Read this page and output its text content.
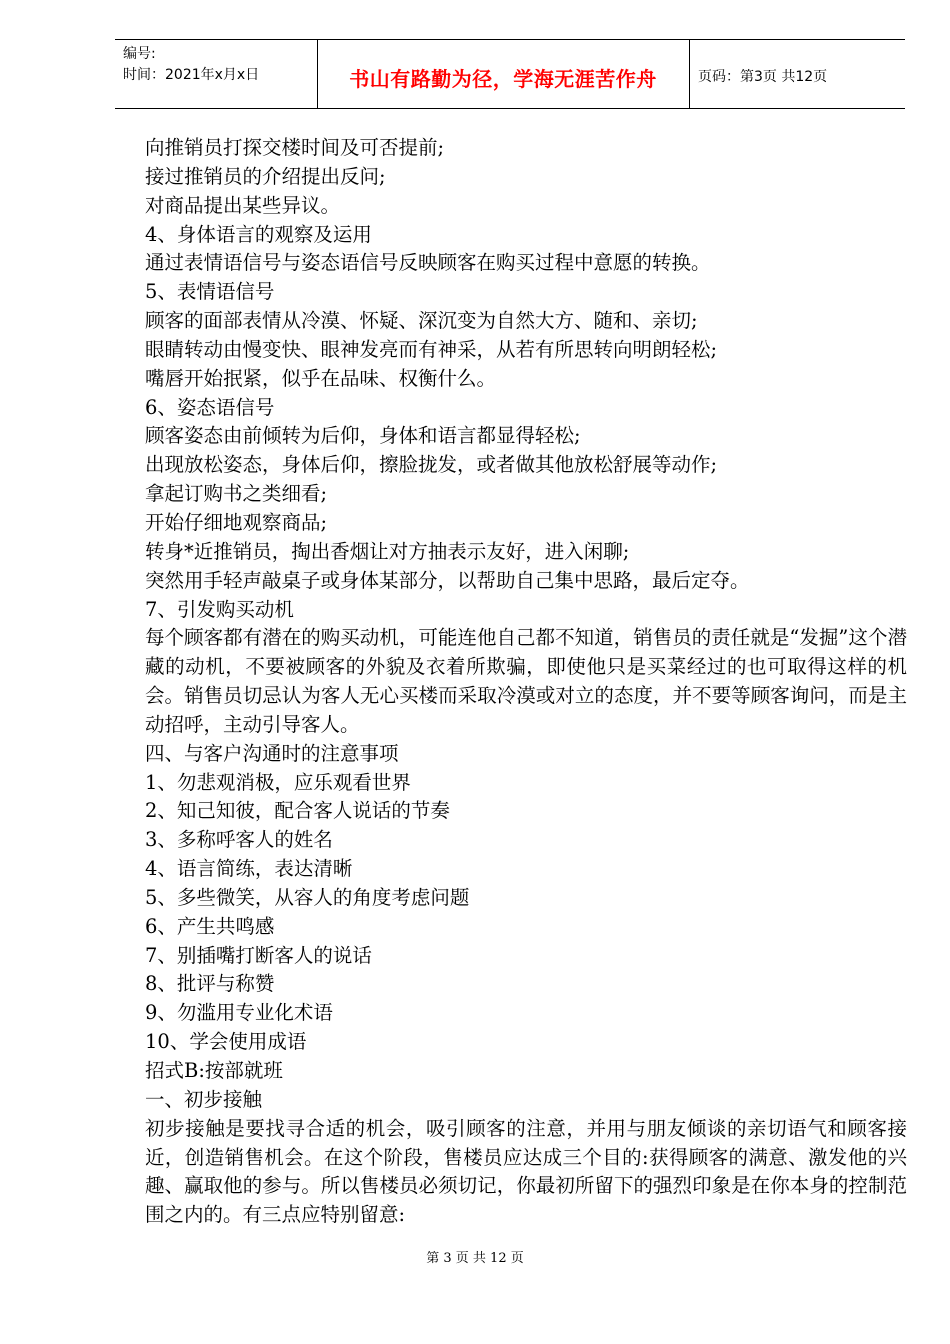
编号:
时间：2021年x月x日	书山有路勤为径，学海无涯苦作舟	页码：第3页 共12页

向推销员打探交楼时间及可否提前;

接过推销员的介绍提出反问;

对商品提出某些异议。

4、身体语言的观察及运用

通过表情语信号与姿态语信号反映顾客在购买过程中意愿的转换。

5、表情语信号

顾客的面部表情从冷漠、怀疑、深沉变为自然大方、随和、亲切;

眼睛转动由慢变快、眼神发亮而有神采，从若有所思转向明朗轻松;

嘴唇开始抿紧，似乎在品味、权衡什么。

6、姿态语信号

顾客姿态由前倾转为后仰，身体和语言都显得轻松;

出现放松姿态，身体后仰，擦脸拢发，或者做其他放松舒展等动作;

拿起订购书之类细看;

开始仔细地观察商品;

转身*近推销员，掏出香烟让对方抽表示友好，进入闲聊;

突然用手轻声敲桌子或身体某部分，以帮助自己集中思路，最后定夺。

7、引发购买动机

每个顾客都有潜在的购买动机，可能连他自己都不知道，销售员的责任就是“发掘”这个潜藏的动机，不要被顾客的外貌及衣着所欺骗，即使他只是买菜经过的也可取得这样的机会。销售员切忌认为客人无心买楼而采取冷漠或对立的态度，并不要等顾客询问，而是主动招呼，主动引导客人。

四、与客户沟通时的注意事项

1、勿悲观消极，应乐观看世界

2、知己知彼，配合客人说话的节奏

3、多称呼客人的姓名

4、语言简练，表达清晰

5、多些微笑，从容人的角度考虑问题

6、产生共鸣感

7、别插嘴打断客人的说话

8、批评与称赞

9、勿滥用专业化术语

10、学会使用成语

招式B:按部就班

一、初步接触

初步接触是要找寻合适的机会，吸引顾客的注意，并用与朋友倾谈的亲切语气和顾客接近，创造销售机会。在这个阶段，售楼员应达成三个目的:获得顾客的满意、激发他的兴趣、赢取他的参与。所以售楼员必须切记，你最初所留下的强烈印象是在你本身的控制范围之内的。有三点应特别留意:

第 3 页 共 12 页
